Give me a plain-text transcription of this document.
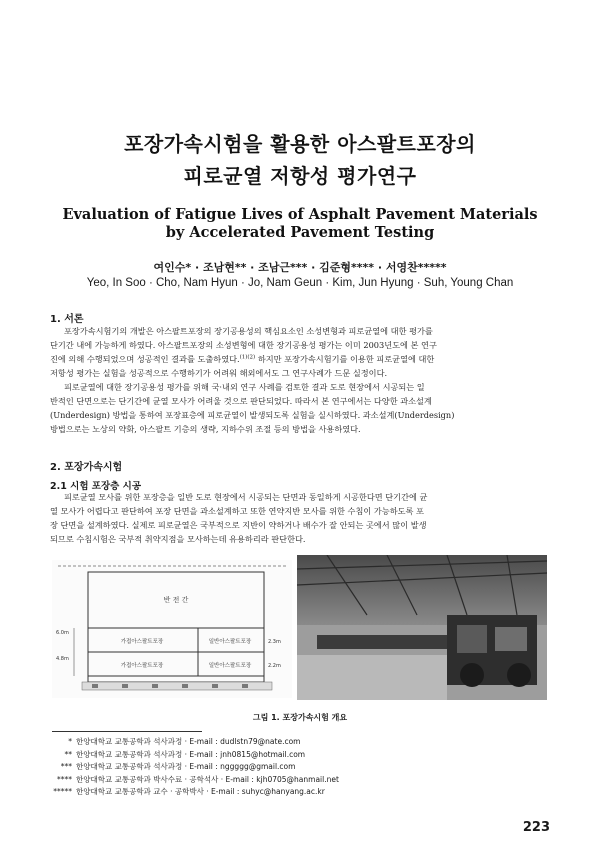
포장가속시험을 활용한 아스팔트포장의
피로균열 저항성 평가연구
Evaluation of Fatigue Lives of Asphalt Pavement Materials
by Accelerated Pavement Testing
여인수* · 조남현** · 조남근*** · 김준형**** · 서영찬*****
Yeo, In Soo · Cho, Nam Hyun · Jo, Nam Geun · Kim, Jun Hyung · Suh, Young Chan
1. 서론
포장가속시험기의 개발은 아스팔트포장의 장기공용성의 핵심요소인 소성변형과 피로균열에 대한 평가를
단기간 내에 가능하게 하였다. 아스팔트포장의 소성변형에 대한 장기공용성 평가는 이미 2003년도에 본 연구
진에 의해 수행되었으며 성공적인 결과를 도출하였다.$^{(1)(2)}$ 하지만 포장가속시험기를 이용한 피로균열에 대한
저항성 평가는 실험을 성공적으로 수행하기가 어려워 해외에서도 그 연구사례가 드문 실정이다.
피로균열에 대한 장기공용성 평가를 위해 국·내외 연구 사례를 검토한 결과 도로 현장에서 시공되는 일
반적인 단면으로는 단기간에 균열 모사가 어려울 것으로 판단되었다. 따라서 본 연구에서는 다양한 과소설계
(Underdesign) 방법을 통하여 포장표층에 피로균열이 발생되도록 실험을 실시하였다. 과소설계(Underdesign)
방법으로는 노상의 약화, 아스팔트 기층의 생략, 지하수위 조절 등의 방법을 사용하였다.
2. 포장가속시험
2.1 시험 포장층 시공
피로균열 모사를 위한 포장층을 일반 도로 현장에서 시공되는 단면과 동일하게 시공한다면 단기간에 균
열 모사가 어렵다고 판단하여 포장 단면을 과소설계하고 또한 연약지반 모사를 위한 수침이 가능하도록 포
장 단면을 설계하였다. 실제로 피로균열은 국부적으로 지반이 약하거나 배수가 잘 안되는 곳에서 많이 발생
되므로 수침시험은 국부적 취약지점을 모사하는데 유용하리라 판단한다.
반 전 간
가접아스팔트포장	일반아스팔트포장
가접아스팔트포장	일반아스팔트포장
6.0m
4.8m
2.3m
2.2m
그림 1. 포장가속시험 개요
* 한양대학교 교통공학과 석사과정 · E-mail : dudlstn79@nate.com
** 한양대학교 교통공학과 석사과정 · E-mail : jnh0815@hotmail.com
*** 한양대학교 교통공학과 석사과정 · E-mail : nggggg@gmail.com
**** 한양대학교 교통공학과 박사수료 · 공학석사 · E-mail : kjh0705@hanmail.net
***** 한양대학교 교통공학과 교수 · 공학박사 · E-mail : suhyc@hanyang.ac.kr
223
